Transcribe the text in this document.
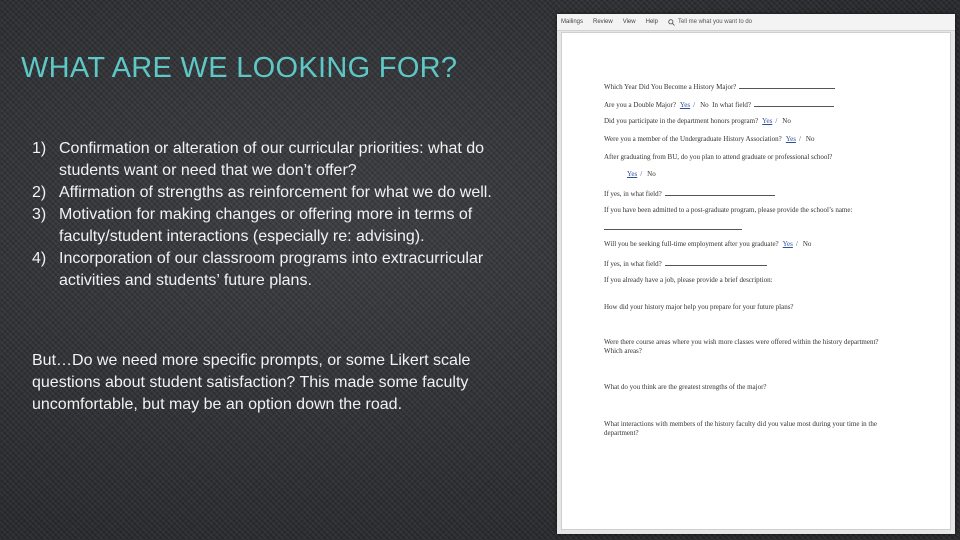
WHAT ARE WE LOOKING FOR?
1) Confirmation or alteration of our curricular priorities: what do students want or need that we don’t offer?
2) Affirmation of strengths as reinforcement for what we do well.
3) Motivation for making changes or offering more in terms of faculty/student interactions (especially re: advising).
4) Incorporation of our classroom programs into extracurricular activities and students’ future plans.

But…Do we need more specific prompts, or some Likert scale questions about student satisfaction? This made some faculty uncomfortable, but may be an option down the road.

Mailings Review View Help	Tell me what you want to do

Which Year Did You Become a History Major?

Are you a Double Major? Yes / No In what field?

Did you participate in the department honors program? Yes / No

Were you a member of the Undergraduate History Association? Yes / No

After graduating from BU, do you plan to attend graduate or professional school?

Yes / No

If yes, in what field?

If you have been admitted to a post-graduate program, please provide the school’s name:

Will you be seeking full-time employment after you graduate? Yes / No

If yes, in what field?

If you already have a job, please provide a brief description:

How did your history major help you prepare for your future plans?

Were there course areas where you wish more classes were offered within the history department? Which areas?

What do you think are the greatest strengths of the major?

What interactions with members of the history faculty did you value most during your time in the department?
